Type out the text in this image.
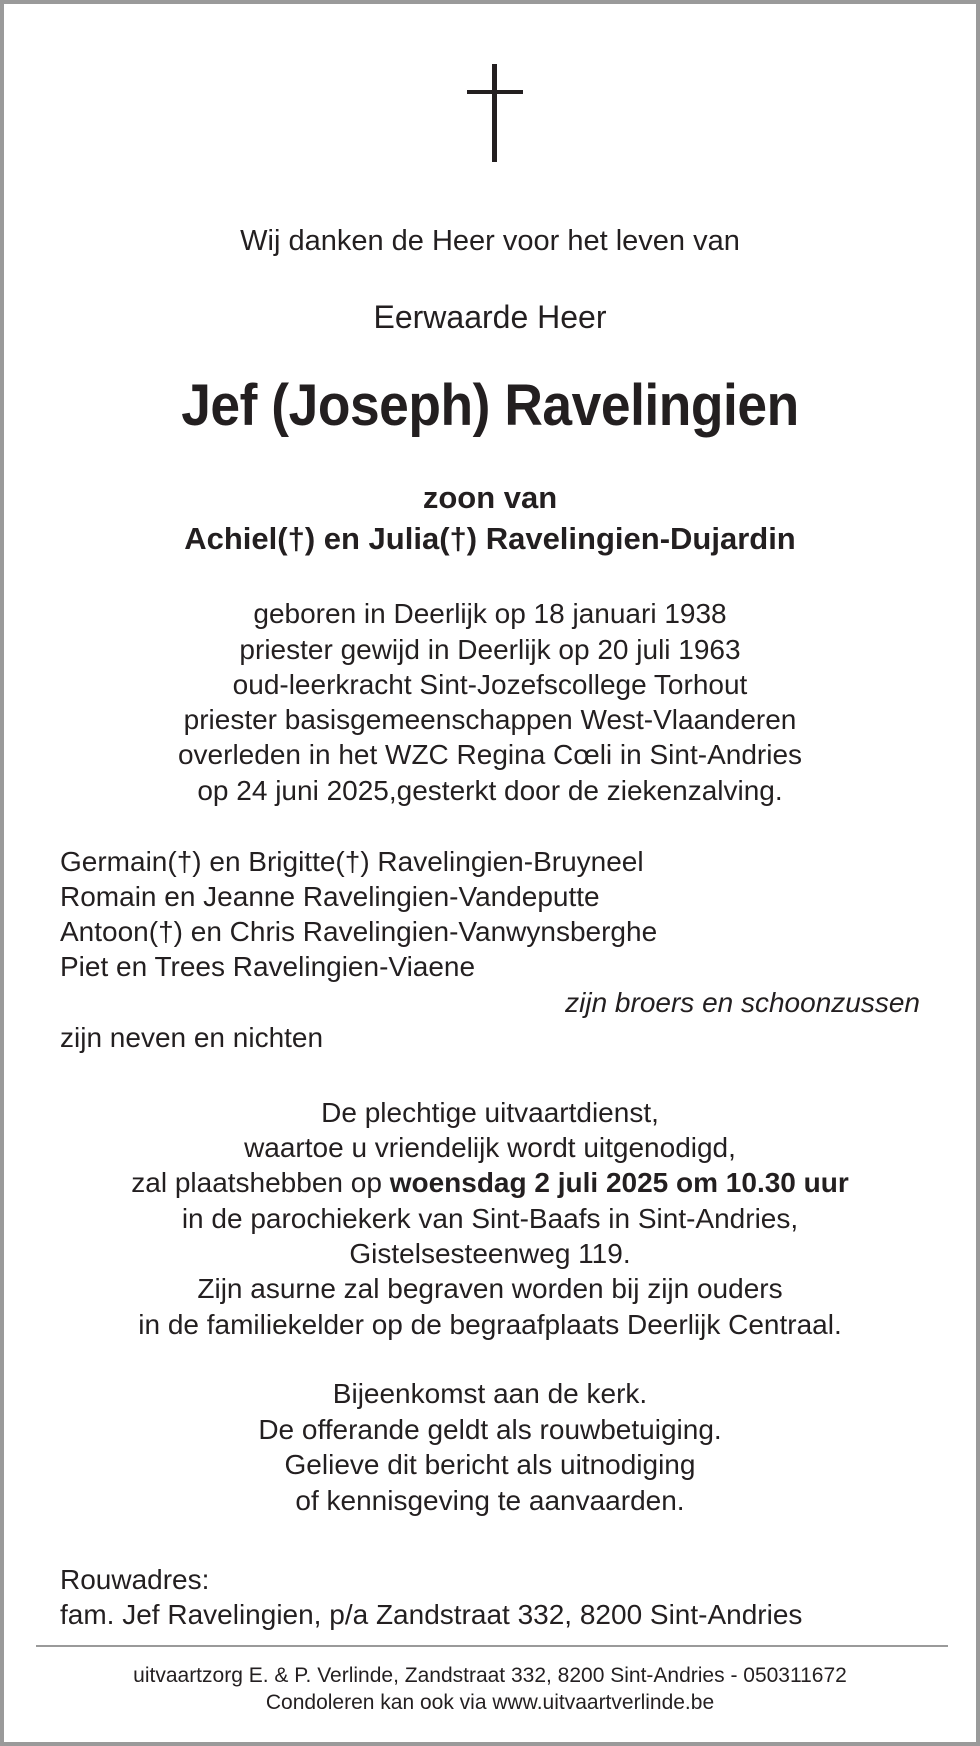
Wij danken de Heer voor het leven van
Eerwaarde Heer
Jef (Joseph) Ravelingien
zoon van
Achiel(†) en Julia(†) Ravelingien-Dujardin
geboren in Deerlijk op 18 januari 1938
priester gewijd in Deerlijk op 20 juli 1963
oud-leerkracht Sint-Jozefscollege Torhout
priester basisgemeenschappen West-Vlaanderen
overleden in het WZC Regina Cœli in Sint-Andries
op 24 juni 2025,gesterkt door de ziekenzalving.
Germain(†) en Brigitte(†) Ravelingien-Bruyneel
Romain en Jeanne Ravelingien-Vandeputte
Antoon(†) en Chris Ravelingien-Vanwynsberghe
Piet en Trees Ravelingien-Viaene
zijn broers en schoonzussen
zijn neven en nichten
De plechtige uitvaartdienst,
waartoe u vriendelijk wordt uitgenodigd,
zal plaatshebben op woensdag 2 juli 2025 om 10.30 uur
in de parochiekerk van Sint-Baafs in Sint-Andries,
Gistelsesteenweg 119.
Zijn asurne zal begraven worden bij zijn ouders
in de familiekelder op de begraafplaats Deerlijk Centraal.
Bijeenkomst aan de kerk.
De offerande geldt als rouwbetuiging.
Gelieve dit bericht als uitnodiging
of kennisgeving te aanvaarden.
Rouwadres:
fam. Jef Ravelingien, p/a Zandstraat 332, 8200 Sint-Andries
uitvaartzorg E. & P. Verlinde, Zandstraat 332, 8200 Sint-Andries - 050311672
Condoleren kan ook via www.uitvaartverlinde.be
